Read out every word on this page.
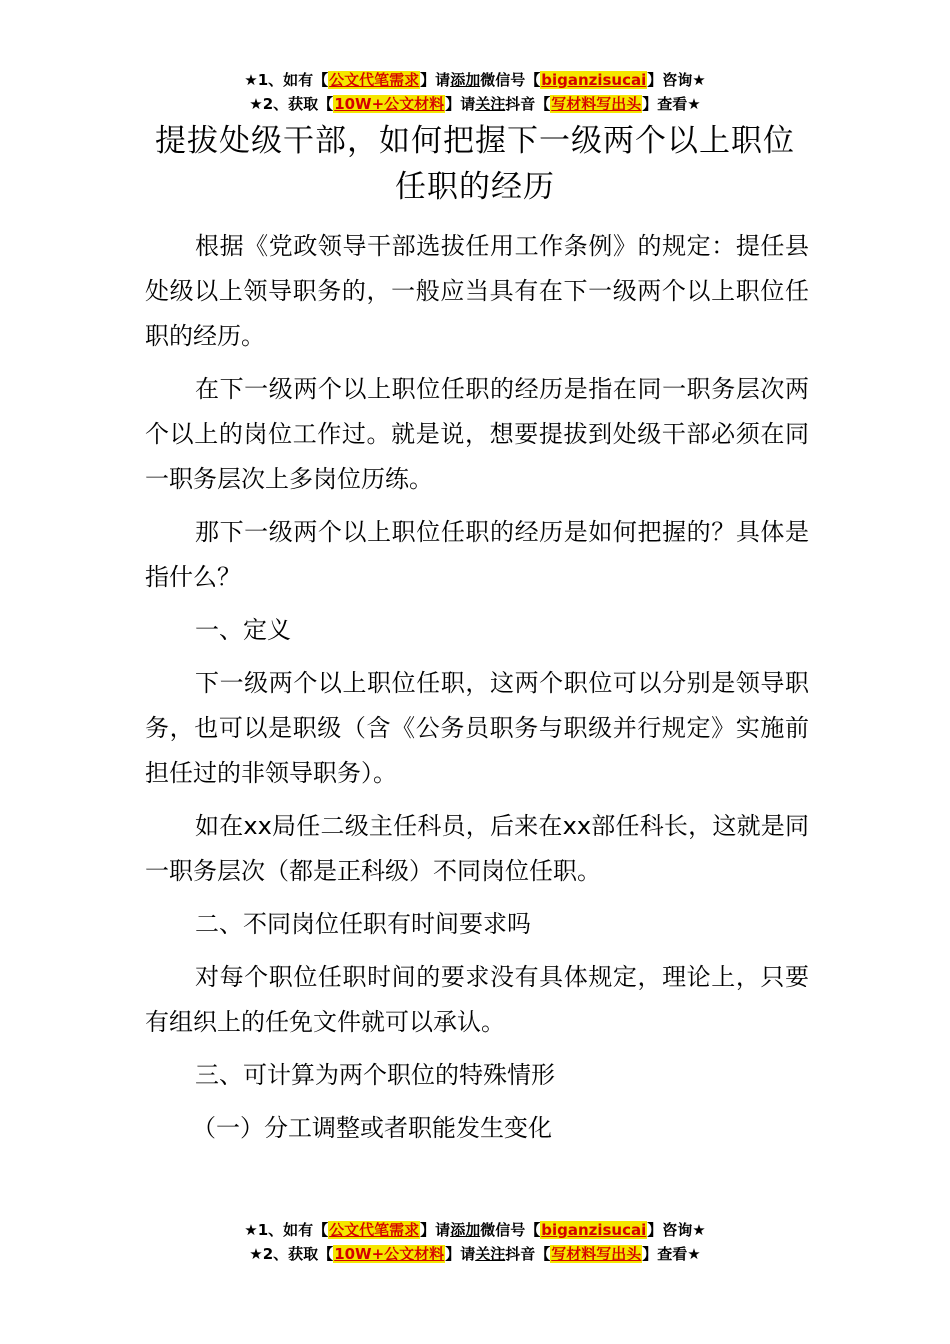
★1、如有【公文代笔需求】请添加微信号【biganzisucai】咨询★
★2、获取【10W+公文材料】请关注抖音【写材料写出头】查看★
提拔处级干部，如何把握下一级两个以上职位任职的经历

根据《党政领导干部选拔任用工作条例》的规定：提任县处级以上领导职务的，一般应当具有在下一级两个以上职位任职的经历。

在下一级两个以上职位任职的经历是指在同一职务层次两个以上的岗位工作过。就是说，想要提拔到处级干部必须在同一职务层次上多岗位历练。

那下一级两个以上职位任职的经历是如何把握的？具体是指什么？

一、定义

下一级两个以上职位任职，这两个职位可以分别是领导职务，也可以是职级（含《公务员职务与职级并行规定》实施前担任过的非领导职务）。

如在xx局任二级主任科员，后来在xx部任科长，这就是同一职务层次（都是正科级）不同岗位任职。

二、不同岗位任职有时间要求吗

对每个职位任职时间的要求没有具体规定，理论上，只要有组织上的任免文件就可以承认。

三、可计算为两个职位的特殊情形

（一）分工调整或者职能发生变化

★1、如有【公文代笔需求】请添加微信号【biganzisucai】咨询★
★2、获取【10W+公文材料】请关注抖音【写材料写出头】查看★
